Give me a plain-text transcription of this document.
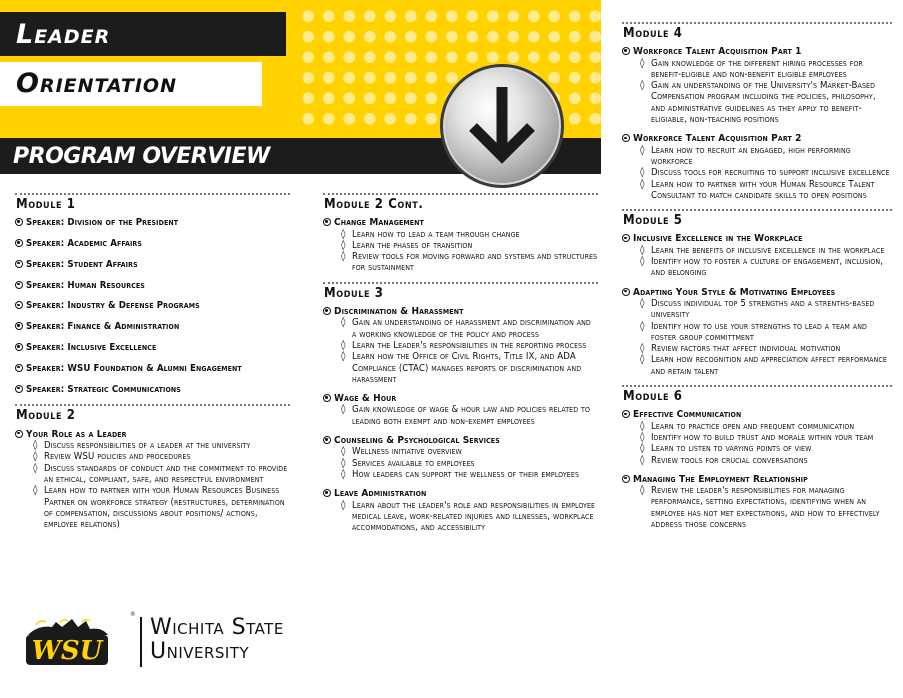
Leader
Orientation
PROGRAM OVERVIEW
Module 1
Speaker: Division of the President
Speaker: Academic Affairs
Speaker: Student Affairs
Speaker: Human Resources
Speaker: Industry & Defense Programs
Speaker: Finance & Administration
Speaker: Inclusive Excellence
Speaker: WSU Foundation & Alumni Engagement
Speaker: Strategic Communications
Module 2
Your Role as a Leader
◊ Discuss responsibilities of a leader at the university
◊ Review WSU policies and procedures
◊ Discuss standards of conduct and the commitment to provide an ethical, compliant, safe, and respectful environment
◊ Learn how to partner with your Human Resources Business Partner on workforce strategy (restructures, determination of compensation, discussions about positions/ actions, employee relations)
Module 2 Cont.
Change Management
◊ Learn how to lead a team through change
◊ Learn the phases of transition
◊ Review tools for moving forward and systems and structures for sustainment
Module 3
Discrimination & Harassment
◊ Gain an understanding of harassment and discrimination and a working knowledge of the policy and process
◊ Learn the Leader's responsibilities in the reporting process
◊ Learn how the Office of Civil Rights, Title IX, and ADA Compliance (CTAC) manages reports of discrimination and harassment
Wage & Hour
◊ Gain knowledge of wage & hour law and policies related to leading both exempt and non-exempt employees
Counseling & Psychological Services
◊ Wellness initiative overview
◊ Services available to employees
◊ How leaders can support the wellness of their employees
Leave Administration
◊ Learn about the leader's role and responsibilities in employee medical leave, work-related injuries and illnesses, workplace accommodations, and accessibility
Module 4
Workforce Talent Acquisition Part 1
◊ Gain knowledge of the different hiring processes for benefit-eligible and non-benefit eligible employees
◊ Gain an understanding of the University's Market-Based Compensation program including the policies, philosophy, and administrative guidelines as they apply to benefit-eligiable, non-teaching positions
Workforce Talent Acquisition Part 2
◊ Learn how to recruit an engaged, high performing workforce
◊ Discuss tools for recruiting to support inclusive excellence
◊ Learn how to partner with your Human Resource Talent Consultant to match candidate skills to open positions
Module 5
Inclusive Excellence in the Workplace
◊ Learn the benefits of inclusive excellence in the workplace
◊ Identify how to foster a culture of engagement, inclusion, and belonging
Adapting Your Style & Motivating Employees
◊ Discuss individual top 5 strengths and a strenths-based university
◊ Identify how to use your strengths to lead a team and foster group committment
◊ Review factors that affect individual motivation
◊ Learn how recognition and appreciation affect performance and retain talent
Module 6
Effective Communication
◊ Learn to practice open and frequent communication
◊ Identify how to build trust and morale within your team
◊ Learn to listen to varying points of view
◊ Review tools for crucial conversations
Managing The Employment Relationship
◊ Review the leader's responsibilities for managing performance, setting expectations, identifying when an employee has not met expectations, and how to effectively address those concerns
WSU
®
Wichita State
University
